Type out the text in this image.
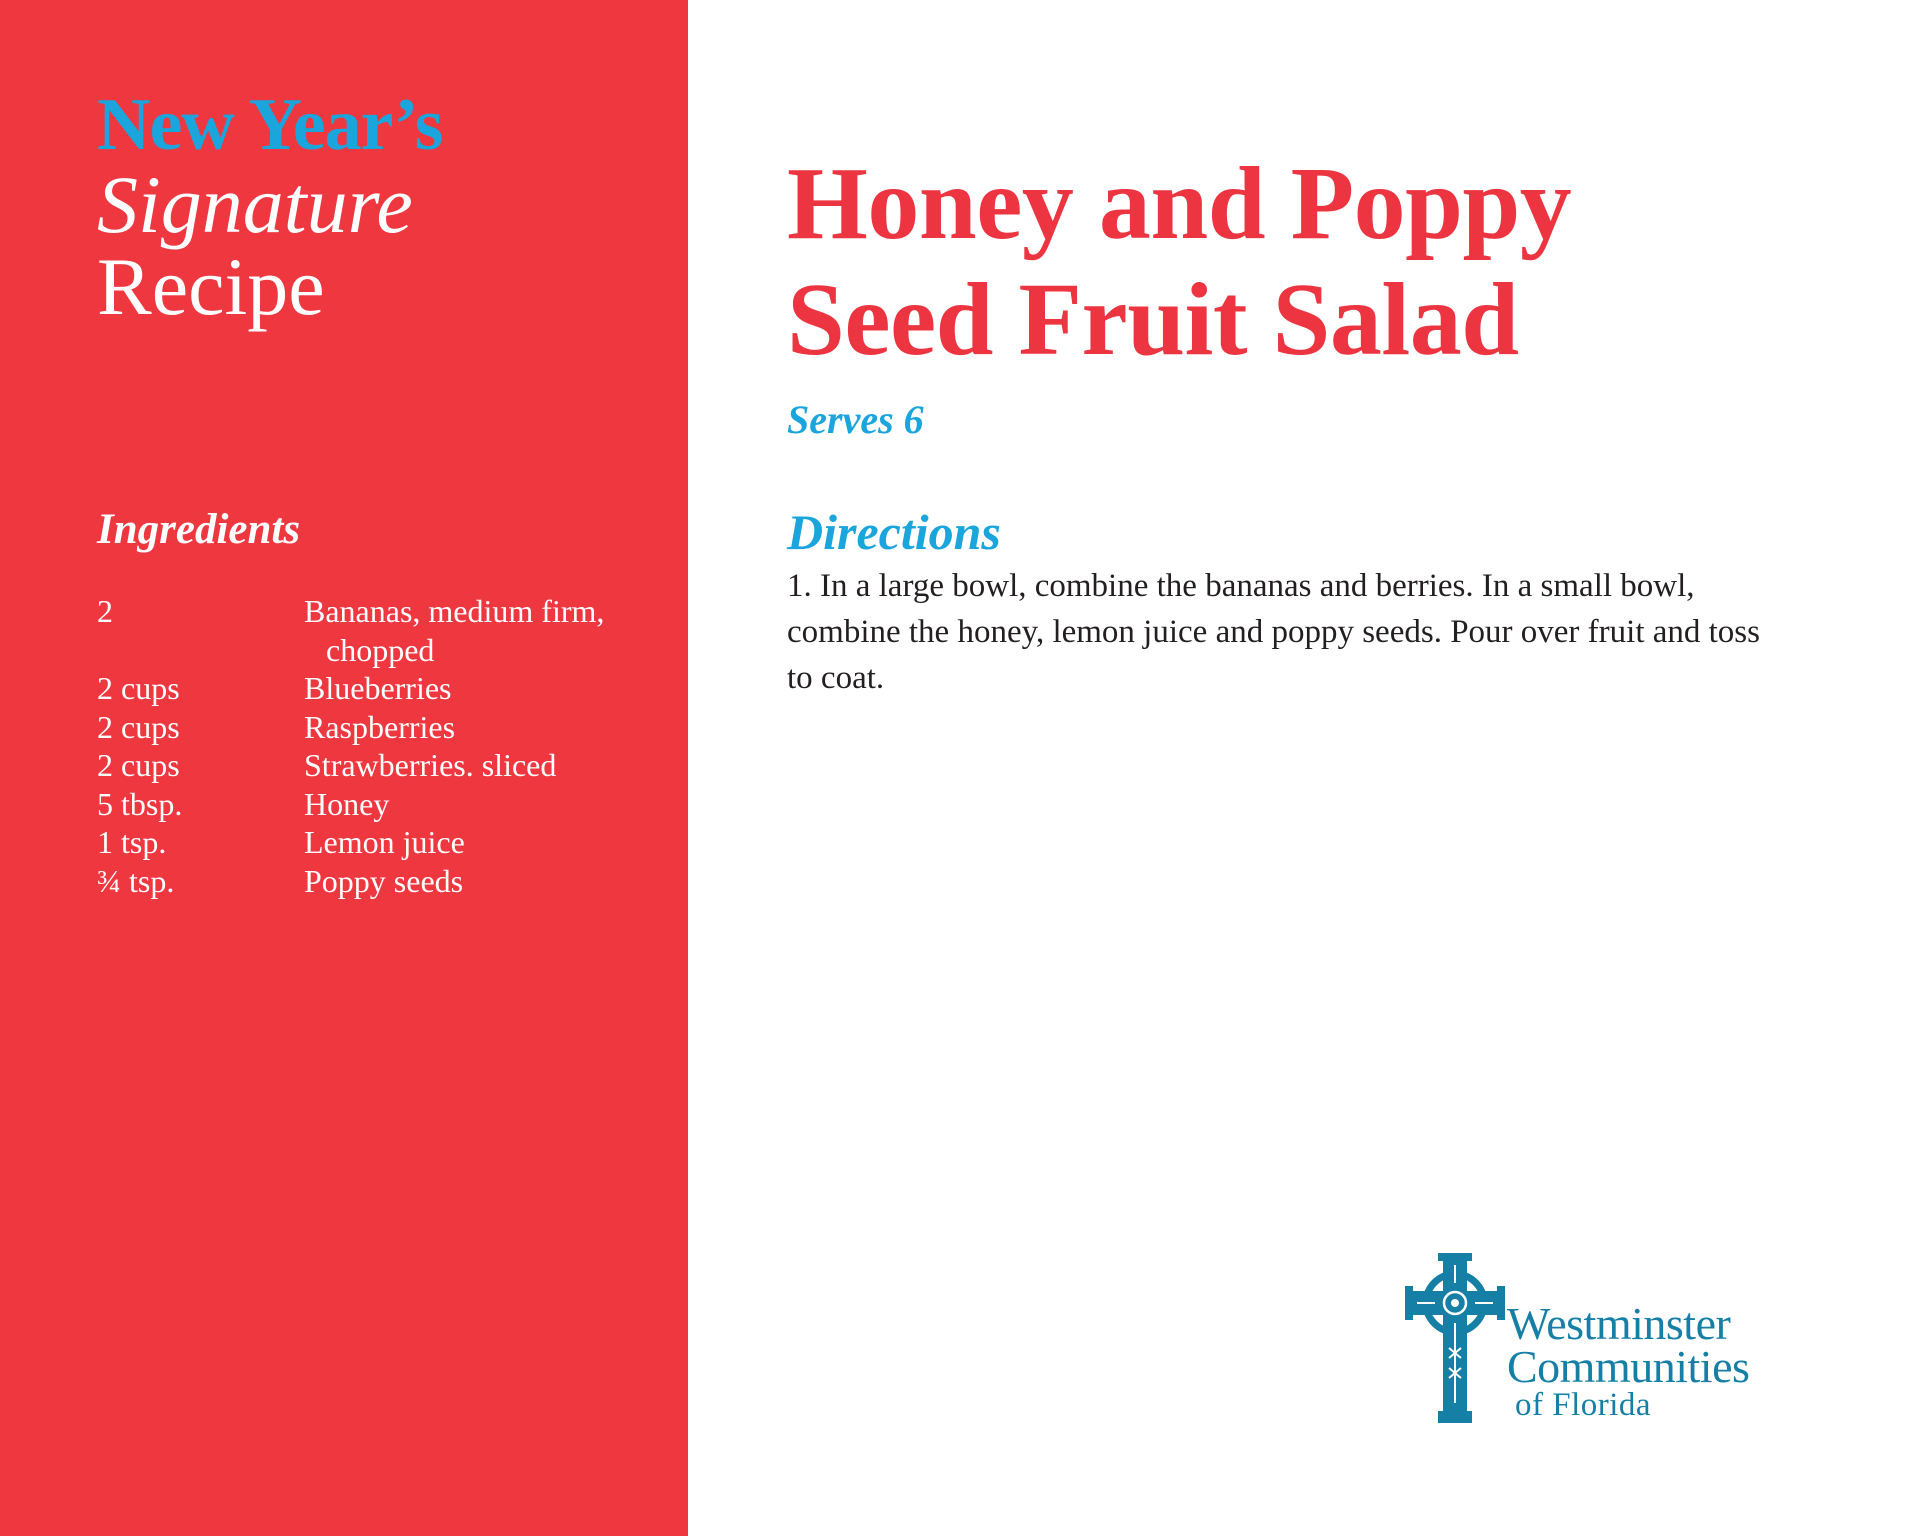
New Year’s
Signature
Recipe
Ingredients
2	Bananas, medium firm, chopped
2 cups	Blueberries
2 cups	Raspberries
2 cups	Strawberries. sliced
5 tbsp.	Honey
1 tsp.	Lemon juice
¾ tsp.	Poppy seeds
Honey and Poppy
Seed Fruit Salad
Serves 6
Directions
1. In a large bowl, combine the bananas and berries. In a small bowl, combine the honey, lemon juice and poppy seeds. Pour over fruit and toss to coat.
Westminster
Communities
of Florida
